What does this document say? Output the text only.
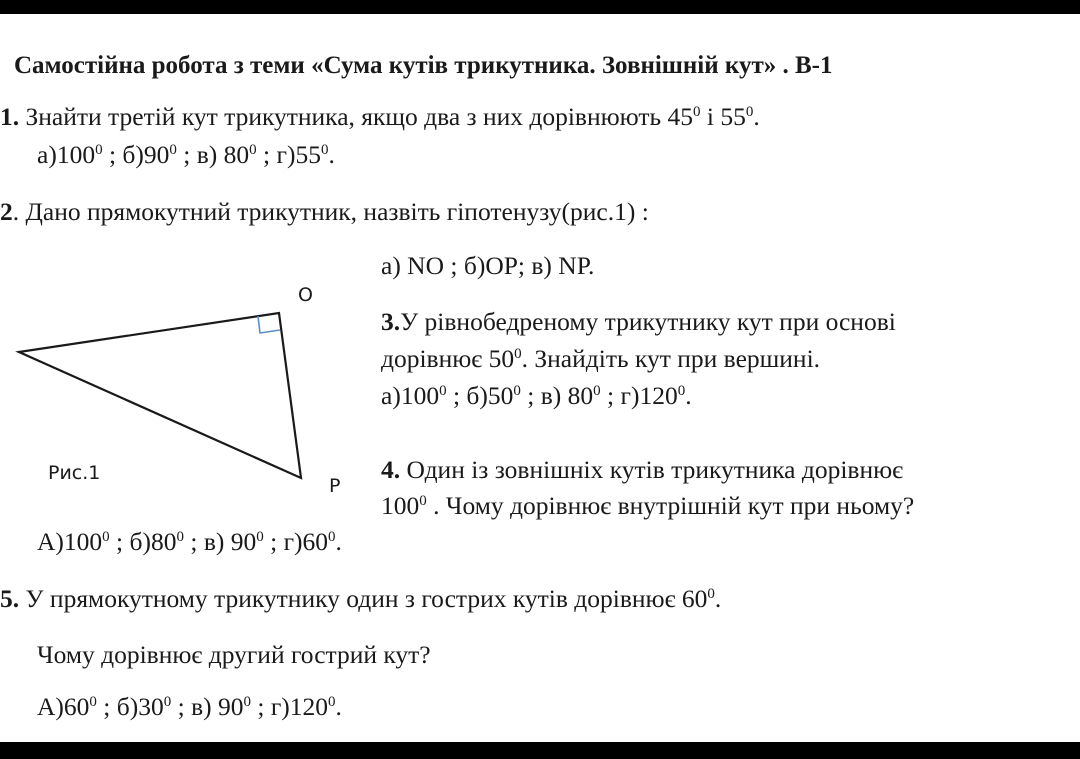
Самостійна робота з теми «Сума кутів трикутника. Зовнішній кут» . В-1
1. Знайти третій кут трикутника, якщо два з них дорівнюють $45^0$ і $55^0$.
$а)100^0$ ; $б)90^0$ ; в) $80^0$ ; $г)55^0$.
2. Дано прямокутний трикутник, назвіть гіпотенузу(рис.1) :
а) NO ; б)OP; в) NP.
O
P
Рис.1
3.У рівнобедреному трикутнику кут при основі
дорівнює $50^0$. Знайдіть кут при вершині.
$а)100^0$ ; $б)50^0$ ; в) $80^0$ ; $г)120^0$.
4. Один із зовнішніх кутів трикутника дорівнює
$100^0$ . Чому дорівнює внутрішній кут при ньому?
$А)100^0$ ; $б)80^0$ ; в) $90^0$ ; $г)60^0$.
5. У прямокутному трикутнику один з гострих кутів дорівнює $60^0$.
Чому дорівнює другий гострий кут?
$А)60^0$ ; $б)30^0$ ; в) $90^0$ ; $г)120^0$.
